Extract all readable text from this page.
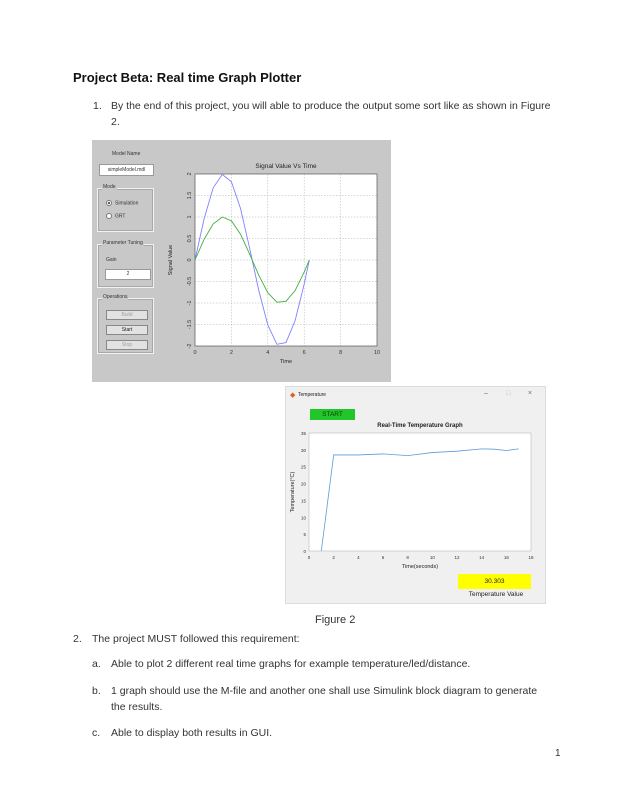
Project Beta: Real time Graph Plotter
1. By the end of this project, you will able to produce the output some sort like as shown in Figure
2.
Model Name
simpleModel.mdl
Mode
Simulation
GRT
Parameter Tuning
Gain
2
Operations
Build
Start
Stop
0	2	4	6	8	10
-2
-1.5
-1
-0.5
0
0.5
1
1.5
2
Signal Value Vs Time
Time
Signal Value
◆ Temperature	–	□	×
START
0	2	4	6	8	10	12	14	16	18
0
5
10
15
20
25
30
35
Real-Time Temperature Graph
Time(seconds)
Temperature(°C)
30.303
Temperature Value
Figure 2
2. The project MUST followed this requirement:
a. Able to plot 2 different real time graphs for example temperature/led/distance.
b. 1 graph should use the M-file and another one shall use Simulink block diagram to generate
the results.
c. Able to display both results in GUI.
1
